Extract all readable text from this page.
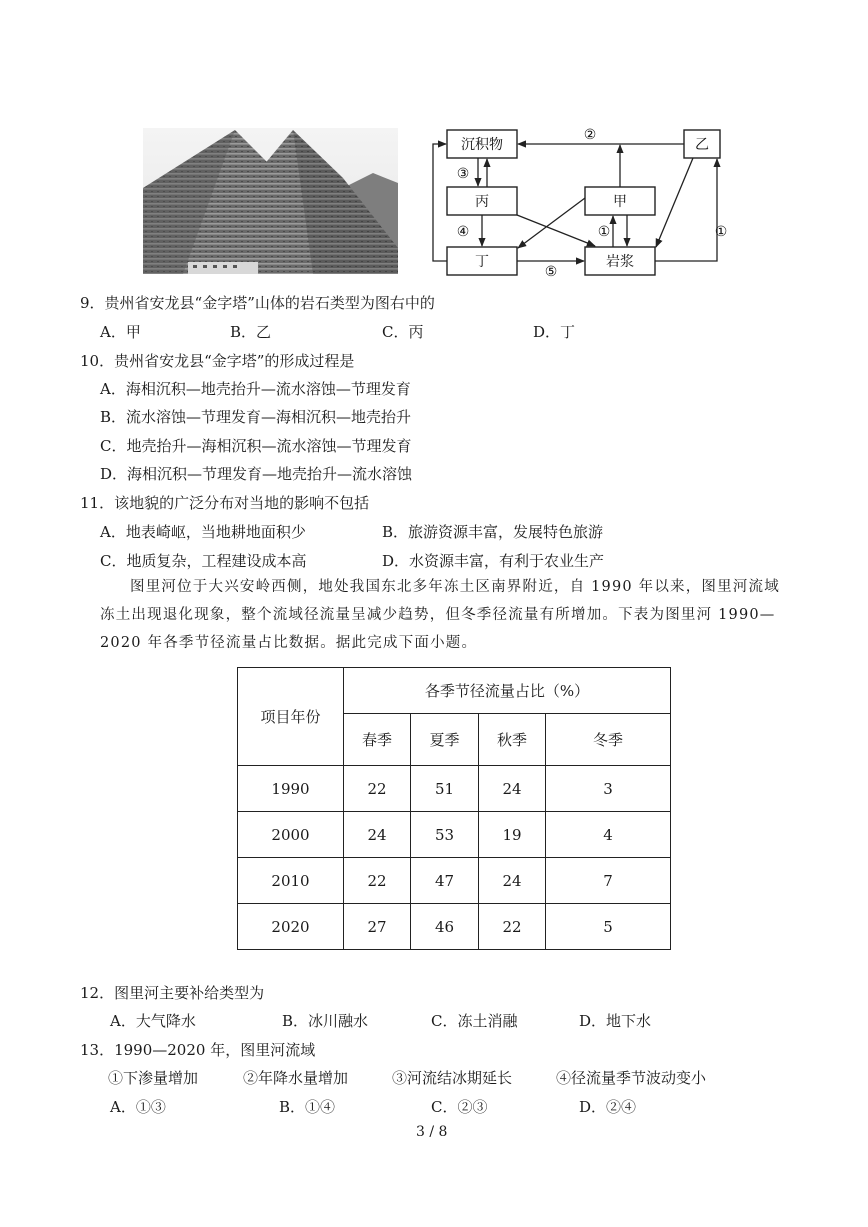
沉积物	乙
丙	甲
丁	岩浆
②
③
④	①	①
⑤
9．贵州省安龙县“金字塔”山体的岩石类型为图右中的
A．甲	B．乙	C．丙	D．丁
10．贵州省安龙县“金字塔”的形成过程是
A．海相沉积—地壳抬升—流水溶蚀—节理发育
B．流水溶蚀—节理发育—海相沉积—地壳抬升
C．地壳抬升—海相沉积—流水溶蚀—节理发育
D．海相沉积—节理发育—地壳抬升—流水溶蚀
11．该地貌的广泛分布对当地的影响不包括
A．地表崎岖，当地耕地面积少	B．旅游资源丰富，发展特色旅游
C．地质复杂，工程建设成本高	D．水资源丰富，有利于农业生产
图里河位于大兴安岭西侧，地处我国东北多年冻土区南界附近，自 1990 年以来，图里河流域冻土出现退化现象，整个流域径流量呈减少趋势，但冬季径流量有所增加。下表为图里河 1990—2020 年各季节径流量占比数据。据此完成下面小题。
项目年份	各季节径流量占比（%）			
	春季	夏季	秋季	冬季
1990	22	51	24	3
2000	24	53	19	4
2010	22	47	24	7
2020	27	46	22	5
12．图里河主要补给类型为
A．大气降水	B．冰川融水	C．冻土消融	D．地下水
13．1990—2020 年，图里河流域
①下渗量增加	②年降水量增加	③河流结冰期延长	④径流量季节波动变小
A．①③	B．①④	C．②③	D．②④
3 / 8
